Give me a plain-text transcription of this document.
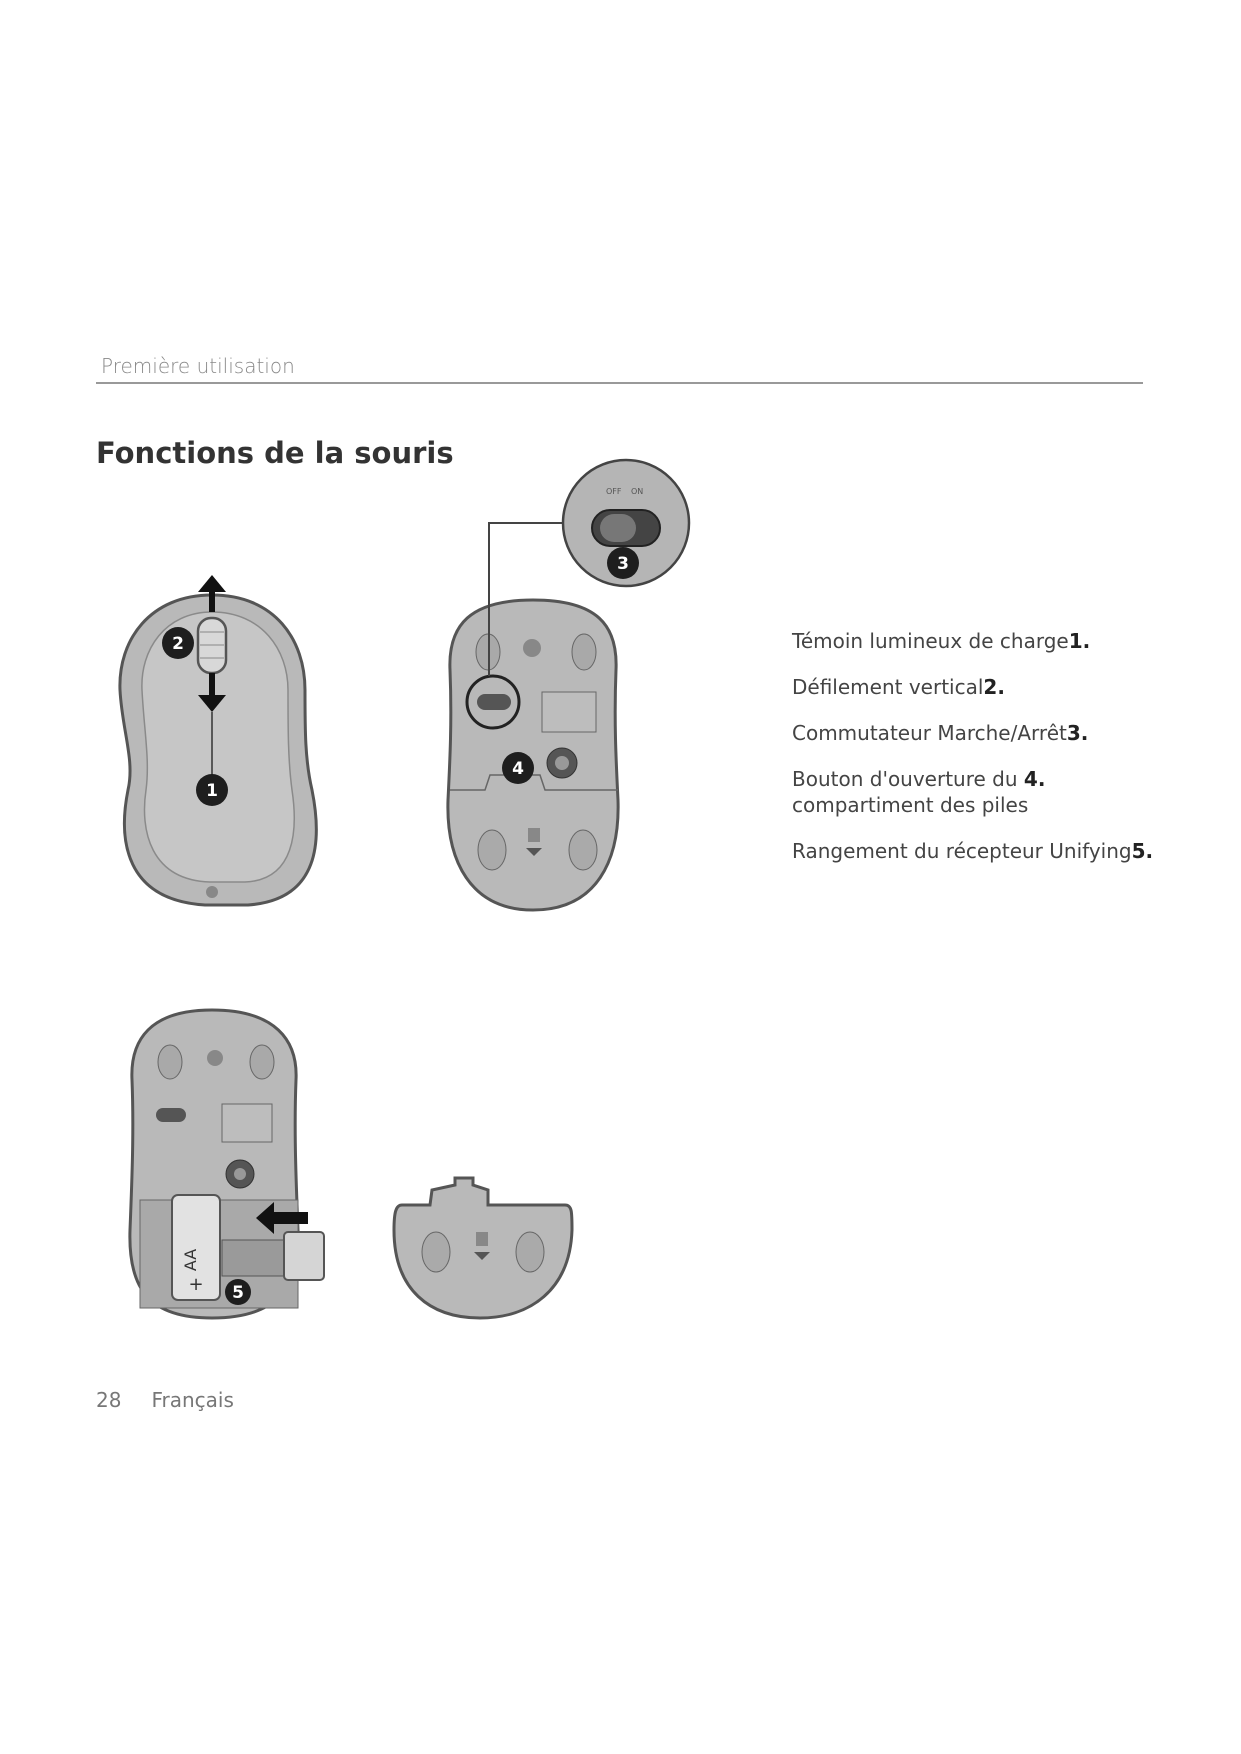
Première utilisation
Fonctions de la souris
OFF ON
AA
+
1
2
3
4
5
Témoin lumineux de charge1.
Défilement vertical2.
Commutateur Marche/Arrêt3.
Bouton d'ouverture du 4.
compartiment des piles
Rangement du récepteur Unifying5.
28 Français
